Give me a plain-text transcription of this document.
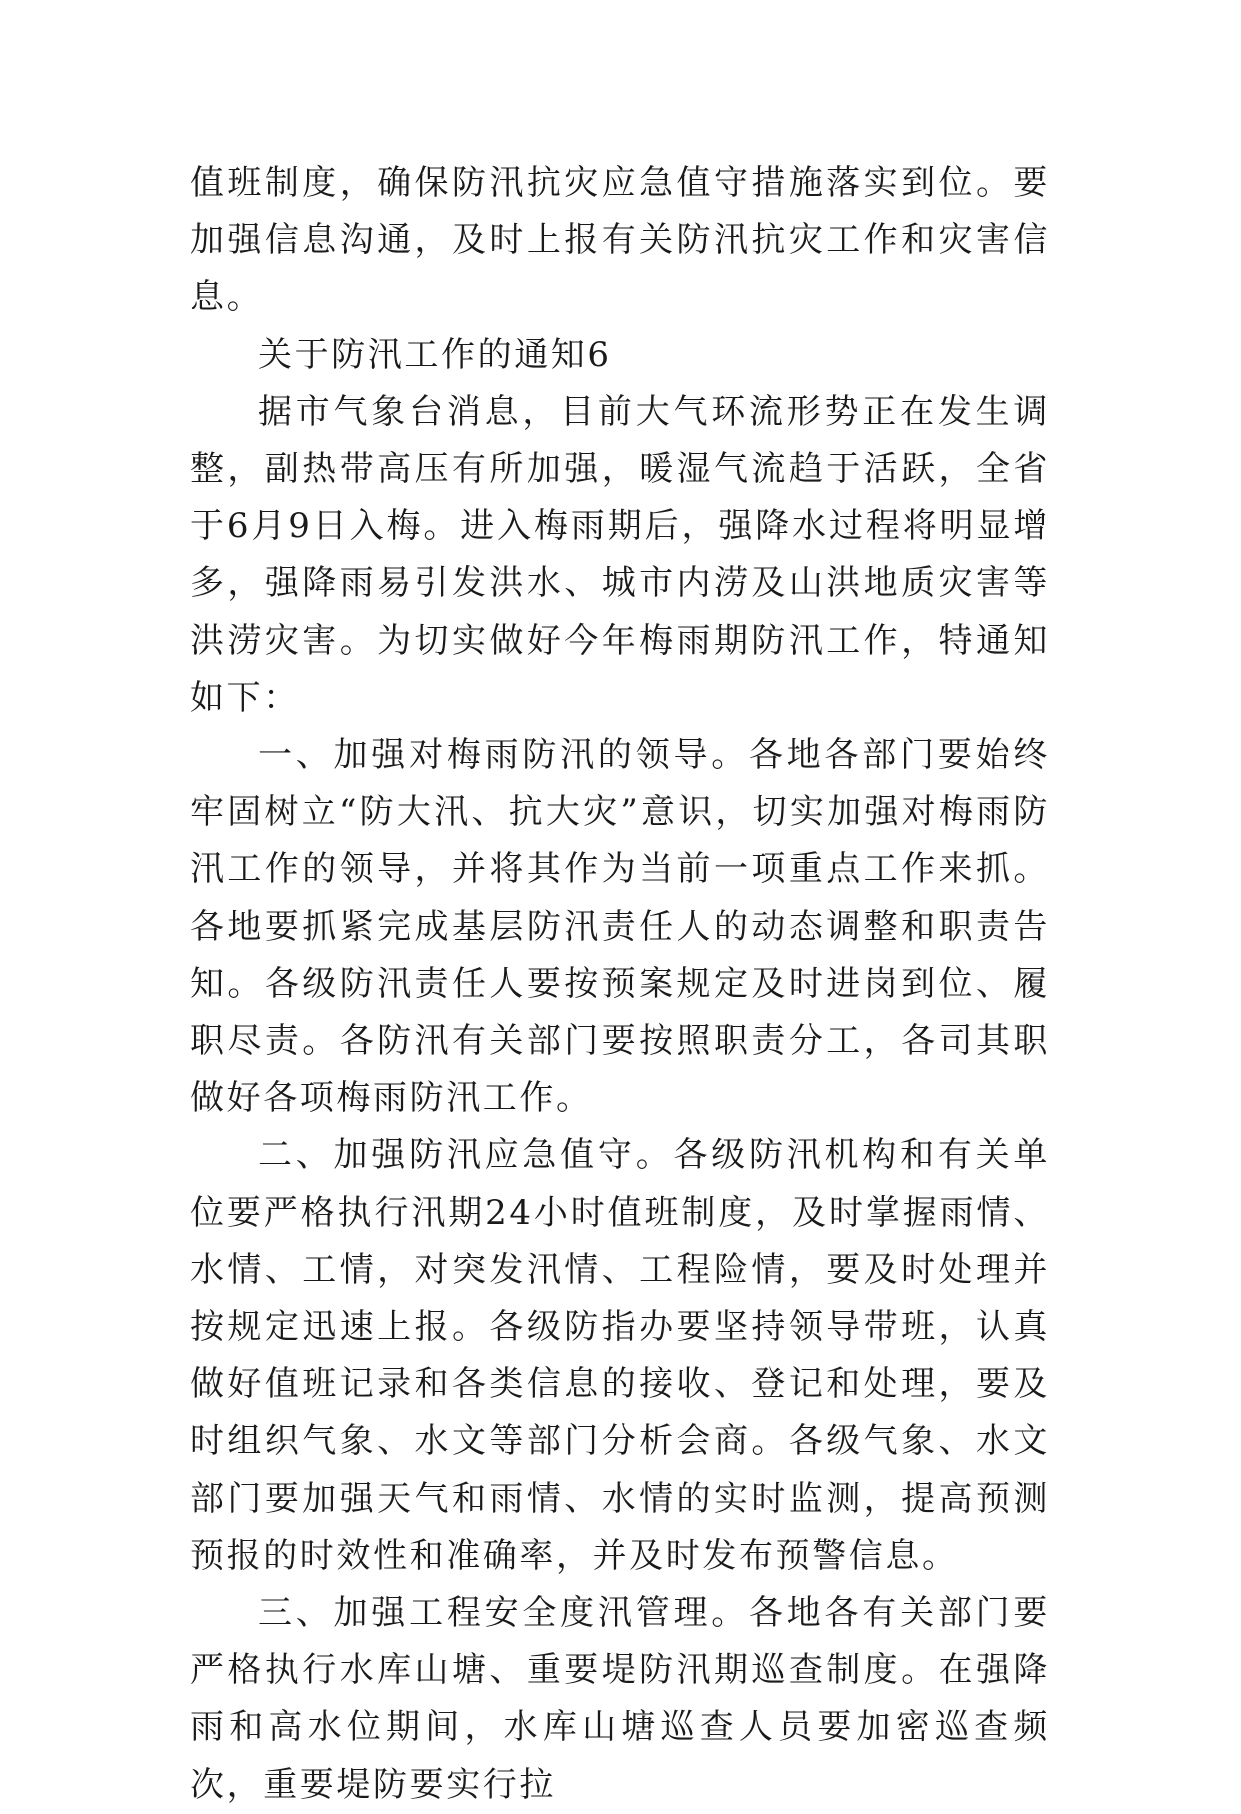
值班制度，确保防汛抗灾应急值守措施落实到位。要加强信息沟通，及时上报有关防汛抗灾工作和灾害信息。

关于防汛工作的通知6

据市气象台消息，目前大气环流形势正在发生调整，副热带高压有所加强，暖湿气流趋于活跃，全省于6月9日入梅。进入梅雨期后，强降水过程将明显增多，强降雨易引发洪水、城市内涝及山洪地质灾害等洪涝灾害。为切实做好今年梅雨期防汛工作，特通知如下：

一、加强对梅雨防汛的领导。各地各部门要始终牢固树立“防大汛、抗大灾”意识，切实加强对梅雨防汛工作的领导，并将其作为当前一项重点工作来抓。各地要抓紧完成基层防汛责任人的动态调整和职责告知。各级防汛责任人要按预案规定及时进岗到位、履职尽责。各防汛有关部门要按照职责分工，各司其职做好各项梅雨防汛工作。

二、加强防汛应急值守。各级防汛机构和有关单位要严格执行汛期24小时值班制度，及时掌握雨情、水情、工情，对突发汛情、工程险情，要及时处理并按规定迅速上报。各级防指办要坚持领导带班，认真做好值班记录和各类信息的接收、登记和处理，要及时组织气象、水文等部门分析会商。各级气象、水文部门要加强天气和雨情、水情的实时监测，提高预测预报的时效性和准确率，并及时发布预警信息。

三、加强工程安全度汛管理。各地各有关部门要严格执行水库山塘、重要堤防汛期巡查制度。在强降雨和高水位期间，水库山塘巡查人员要加密巡查频次，重要堤防要实行拉
